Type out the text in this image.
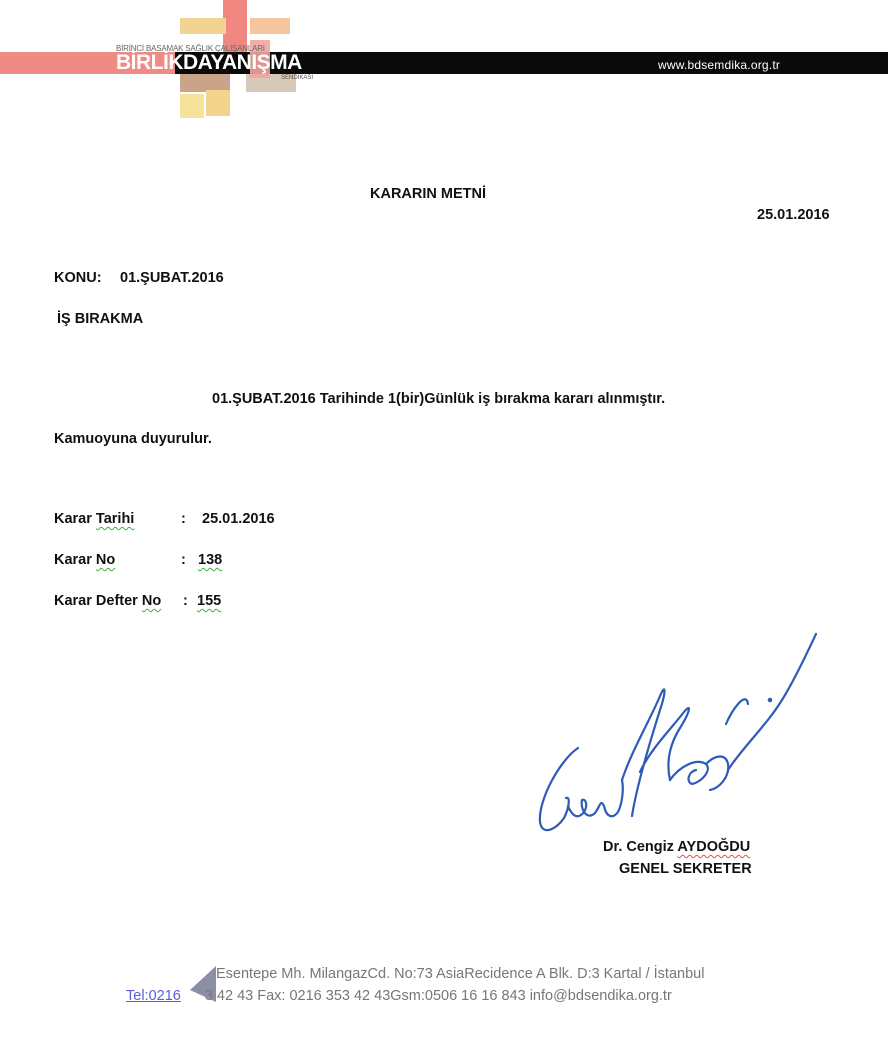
BİRİNCİ BASAMAK SAĞLIK ÇALIŞANLARI
BİRLİKDAYANIŞMA
SENDİKASI
www.bdsemdika.org.tr
KARARIN METNİ
25.01.2016
KONU: 01.ŞUBAT.2016
İŞ BIRAKMA
01.ŞUBAT.2016 Tarihinde 1(bir)Günlük iş bırakma kararı alınmıştır.
Kamuoyuna duyurulur.
Karar Tarihi	: 25.01.2016
Karar No	: 138
Karar Defter No : 155
Dr. Cengiz AYDOĞDU
GENEL SEKRETER
Esentepe Mh. MilangazCd. No:73 AsiaRecidence A Blk. D:3 Kartal / İstanbul
Tel:0216 3 42 43 Fax: 0216 353 42 43Gsm:0506 16 16 843 info@bdsendika.org.tr
